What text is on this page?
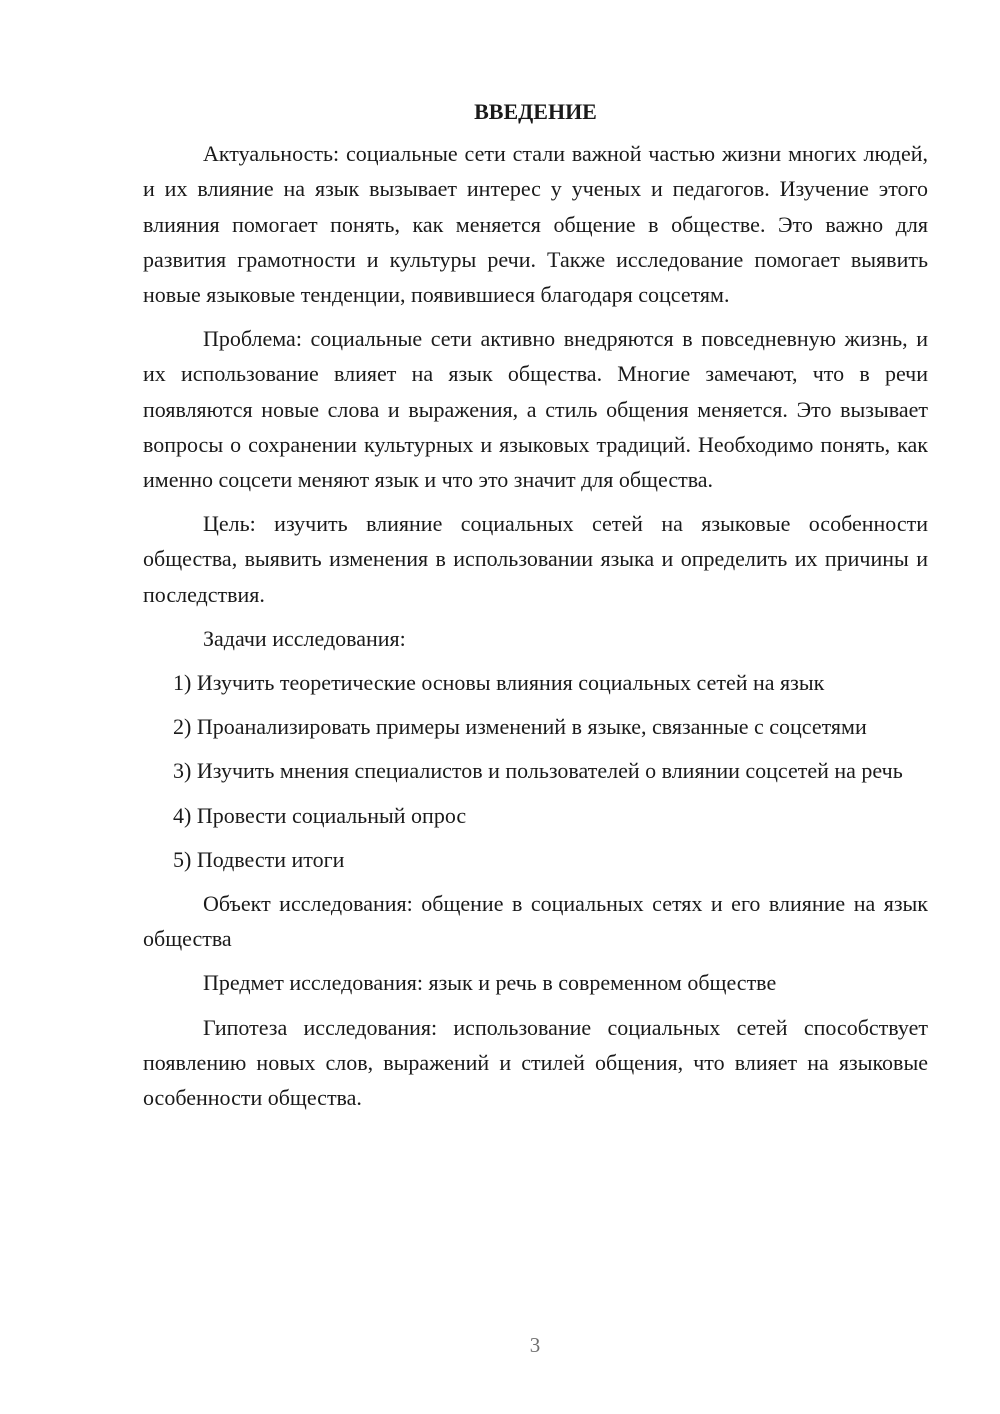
ВВЕДЕНИЕ

Актуальность: социальные сети стали важной частью жизни многих людей, и их влияние на язык вызывает интерес у ученых и педагогов. Изучение этого влияния помогает понять, как меняется общение в обществе. Это важно для развития грамотности и культуры речи. Также исследование помогает выявить новые языковые тенденции, появившиеся благодаря соцсетям.

Проблема: социальные сети активно внедряются в повседневную жизнь, и их использование влияет на язык общества. Многие замечают, что в речи появляются новые слова и выражения, а стиль общения меняется. Это вызывает вопросы о сохранении культурных и языковых традиций. Необходимо понять, как именно соцсети меняют язык и что это значит для общества.

Цель: изучить влияние социальных сетей на языковые особенности общества, выявить изменения в использовании языка и определить их причины и последствия.

Задачи исследования:

1) Изучить теоретические основы влияния социальных сетей на язык

2) Проанализировать примеры изменений в языке, связанные с соцсетями

3) Изучить мнения специалистов и пользователей о влиянии соцсетей на речь

4) Провести социальный опрос

5) Подвести итоги

Объект исследования: общение в социальных сетях и его влияние на язык общества

Предмет исследования: язык и речь в современном обществе

Гипотеза исследования: использование социальных сетей способствует появлению новых слов, выражений и стилей общения, что влияет на языковые особенности общества.

3
